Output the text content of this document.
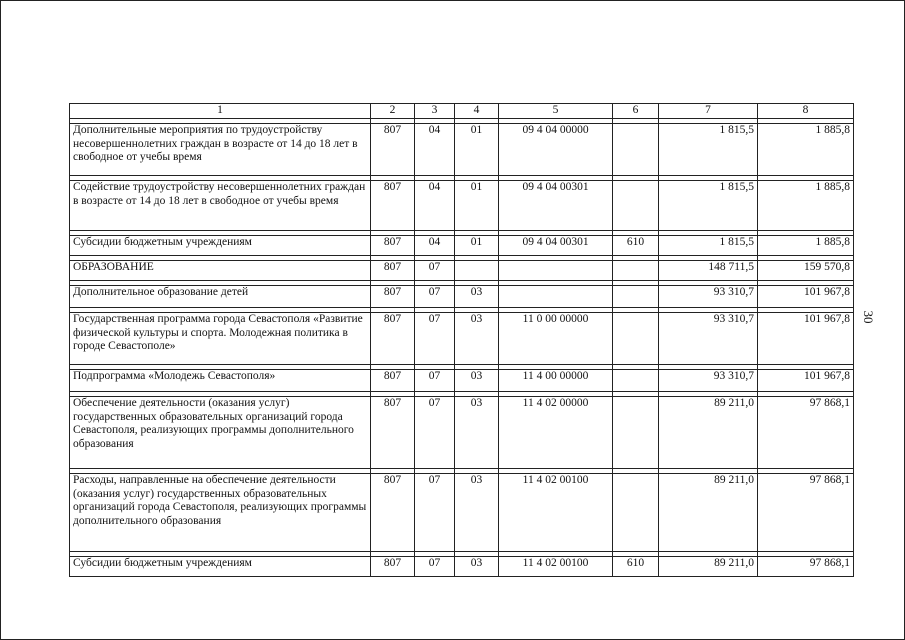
30
1	2	3	4	5	6	7	8

Дополнительные мероприятия по трудоустройству несовершеннолетних граждан в возрасте от 14 до 18 лет в свободное от учебы время	807	04	01	09 4 04 00000		1 815,5	1 885,8

Содействие трудоустройству несовершеннолетних граждан в возрасте от 14 до 18 лет в свободное от учебы время	807	04	01	09 4 04 00301		1 815,5	1 885,8

Субсидии бюджетным учреждениям	807	04	01	09 4 04 00301	610	1 815,5	1 885,8

ОБРАЗОВАНИЕ	807	07				148 711,5	159 570,8

Дополнительное образование детей	807	07	03			93 310,7	101 967,8

Государственная программа города Севастополя «Развитие физической культуры и спорта. Молодежная политика в городе Севастополе»	807	07	03	11 0 00 00000		93 310,7	101 967,8

Подпрограмма «Молодежь Севастополя»	807	07	03	11 4 00 00000		93 310,7	101 967,8

Обеспечение деятельности (оказания услуг) государственных образовательных организаций города Севастополя, реализующих программы дополнительного образования	807	07	03	11 4 02 00000		89 211,0	97 868,1

Расходы, направленные на обеспечение деятельности (оказания услуг) государственных образовательных организаций города Севастополя, реализующих программы дополнительного образования	807	07	03	11 4 02 00100		89 211,0	97 868,1

Субсидии бюджетным учреждениям	807	07	03	11 4 02 00100	610	89 211,0	97 868,1
